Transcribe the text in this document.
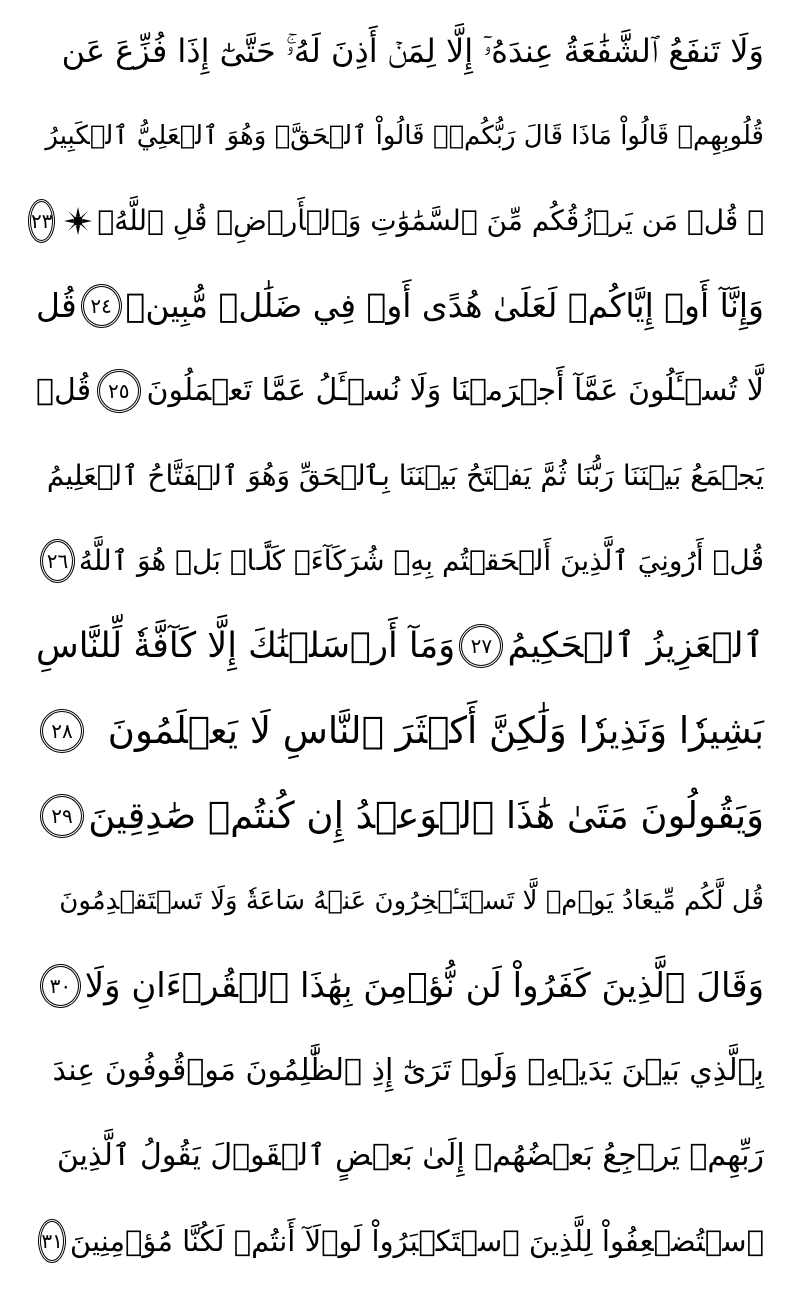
وَلَا تَنفَعُ ٱلشَّفَٰعَةُ عِندَهُۥٓ إِلَّا لِمَنۡ أَذِنَ لَهُۥۚ حَتَّىٰٓ إِذَا فُزِّعَ عَن
قُلُوبِهِمۡ قَالُواْ مَاذَا قَالَ رَبُّكُمۡۖ قَالُواْ ٱلۡحَقَّۖ وَهُوَ ٱلۡعَلِيُّ ٱلۡكَبِيرُ
۞ قُلۡ مَن يَرۡزُقُكُم مِّنَ ٱلسَّمَٰوَٰتِ وَٱلۡأَرۡضِۖ قُلِ ٱللَّهُۖ
٢٣
وَإِنَّآ أَوۡ إِيَّاكُمۡ لَعَلَىٰ هُدًى أَوۡ فِي ضَلَٰلٖ مُّبِينٖ
٢٤
قُل
لَّا تُسۡـَٔلُونَ عَمَّآ أَجۡرَمۡنَا وَلَا نُسۡـَٔلُ عَمَّا تَعۡمَلُونَ
٢٥
قُلۡ
يَجۡمَعُ بَيۡنَنَا رَبُّنَا ثُمَّ يَفۡتَحُ بَيۡنَنَا بِٱلۡحَقِّ وَهُوَ ٱلۡفَتَّاحُ ٱلۡعَلِيمُ
قُلۡ أَرُونِيَ ٱلَّذِينَ أَلۡحَقۡتُم بِهِۦ شُرَكَآءَۖ كَلَّاۚ بَلۡ هُوَ ٱللَّهُ
٢٦
ٱلۡعَزِيزُ ٱلۡحَكِيمُ
٢٧
وَمَآ أَرۡسَلۡنَٰكَ إِلَّا كَآفَّةٗ لِّلنَّاسِ
بَشِيرٗا وَنَذِيرٗا وَلَٰكِنَّ أَكۡثَرَ ٱلنَّاسِ لَا يَعۡلَمُونَ
٢٨
وَيَقُولُونَ مَتَىٰ هَٰذَا ٱلۡوَعۡدُ إِن كُنتُمۡ صَٰدِقِينَ
٢٩
قُل لَّكُم مِّيعَادُ يَوۡمٖ لَّا تَسۡتَـٔۡخِرُونَ عَنۡهُ سَاعَةٗ وَلَا تَسۡتَقۡدِمُونَ
وَقَالَ ٱلَّذِينَ كَفَرُواْ لَن نُّؤۡمِنَ بِهَٰذَا ٱلۡقُرۡءَانِ وَلَا
٣٠
بِٱلَّذِي بَيۡنَ يَدَيۡهِۗ وَلَوۡ تَرَىٰٓ إِذِ ٱلظَّٰلِمُونَ مَوۡقُوفُونَ عِندَ
رَبِّهِمۡ يَرۡجِعُ بَعۡضُهُمۡ إِلَىٰ بَعۡضٍ ٱلۡقَوۡلَ يَقُولُ ٱلَّذِينَ
ٱسۡتُضۡعِفُواْ لِلَّذِينَ ٱسۡتَكۡبَرُواْ لَوۡلَآ أَنتُمۡ لَكُنَّا مُؤۡمِنِينَ
٣١
